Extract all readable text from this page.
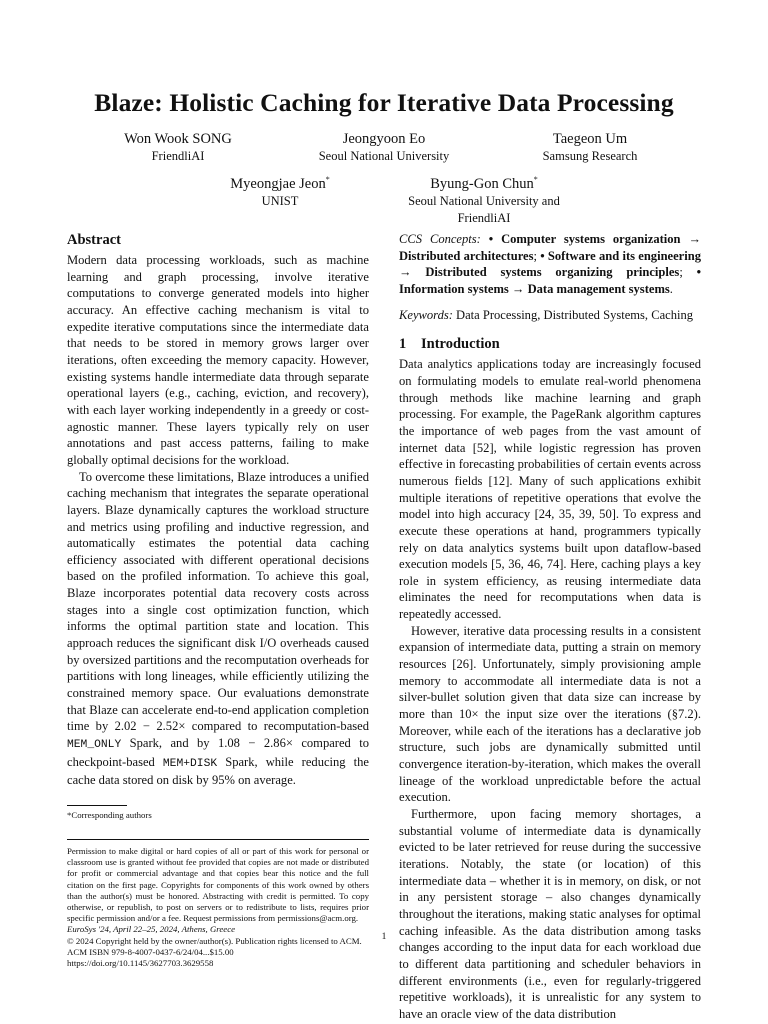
Blaze: Holistic Caching for Iterative Data Processing
Won Wook SONG
FriendliAI
Jeongyoon Eo
Seoul National University
Taegeon Um
Samsung Research
Myeongjae Jeon*
UNIST
Byung-Gon Chun*
Seoul National University and
FriendliAI
Abstract

Modern data processing workloads, such as machine learning and graph processing, involve iterative computations to converge generated models into higher accuracy. An effective caching mechanism is vital to expedite iterative computations since the intermediate data that needs to be stored in memory grows larger over iterations, often exceeding the memory capacity. However, existing systems handle intermediate data through separate operational layers (e.g., caching, eviction, and recovery), with each layer working independently in a greedy or cost-agnostic manner. These layers typically rely on user annotations and past access patterns, failing to make globally optimal decisions for the workload.

To overcome these limitations, Blaze introduces a unified caching mechanism that integrates the separate operational layers. Blaze dynamically captures the workload structure and metrics using profiling and inductive regression, and automatically estimates the potential data caching efficiency associated with different operational decisions based on the profiled information. To achieve this goal, Blaze incorporates potential data recovery costs across stages into a single cost optimization function, which informs the optimal partition state and location. This approach reduces the significant disk I/O overheads caused by oversized partitions and the recomputation overheads for partitions with long lineages, while efficiently utilizing the constrained memory space. Our evaluations demonstrate that Blaze can accelerate end-to-end application completion time by 2.02 − 2.52× compared to recomputation-based MEM_ONLY Spark, and by 1.08 − 2.86× compared to checkpoint-based MEM+DISK Spark, while reducing the cache data stored on disk by 95% on average.

*Corresponding authors
Permission to make digital or hard copies of all or part of this work for personal or classroom use is granted without fee provided that copies are not made or distributed for profit or commercial advantage and that copies bear this notice and the full citation on the first page. Copyrights for components of this work owned by others than the author(s) must be honored. Abstracting with credit is permitted. To copy otherwise, or republish, to post on servers or to redistribute to lists, requires prior specific permission and/or a fee. Request permissions from permissions@acm.org.
EuroSys '24, April 22–25, 2024, Athens, Greece
© 2024 Copyright held by the owner/author(s). Publication rights licensed to ACM.
ACM ISBN 979-8-4007-0437-6/24/04...$15.00
https://doi.org/10.1145/3627703.3629558

CCS Concepts: • Computer systems organization → Distributed architectures; • Software and its engineering → Distributed systems organizing principles; • Information systems → Data management systems.

Keywords: Data Processing, Distributed Systems, Caching

1 Introduction

Data analytics applications today are increasingly focused on formulating models to emulate real-world phenomena through methods like machine learning and graph processing. For example, the PageRank algorithm captures the importance of web pages from the vast amount of internet data [52], while logistic regression has proven effective in forecasting probabilities of certain events across numerous fields [12]. Many of such applications exhibit multiple iterations of repetitive operations that evolve the model into high accuracy [24, 35, 39, 50]. To express and execute these operations at hand, programmers typically rely on data analytics systems built upon dataflow-based execution models [5, 36, 46, 74]. Here, caching plays a key role in system efficiency, as reusing intermediate data eliminates the need for recomputations when data is repeatedly accessed.

However, iterative data processing results in a consistent expansion of intermediate data, putting a strain on memory resources [26]. Unfortunately, simply provisioning ample memory to accommodate all intermediate data is not a silver-bullet solution given that data size can increase by more than 10× the input size over the iterations (§7.2). Moreover, while each of the iterations has a declarative job structure, such jobs are dynamically submitted until convergence iteration-by-iteration, which makes the overall lineage of the workload unpredictable before the actual execution.

Furthermore, upon facing memory shortages, a substantial volume of intermediate data is dynamically evicted to be later retrieved for reuse during the successive iterations. Notably, the state (or location) of this intermediate data – whether it is in memory, on disk, or not in any persistent storage – also changes dynamically throughout the iterations, making static analyses for optimal caching infeasible. As the data distribution among tasks changes according to the input data for each workload due to different data partitioning and scheduler behaviors in different environments (i.e., even for regularly-triggered repetitive workloads), it is unrealistic for any system to have an oracle view of the data distribution

1
